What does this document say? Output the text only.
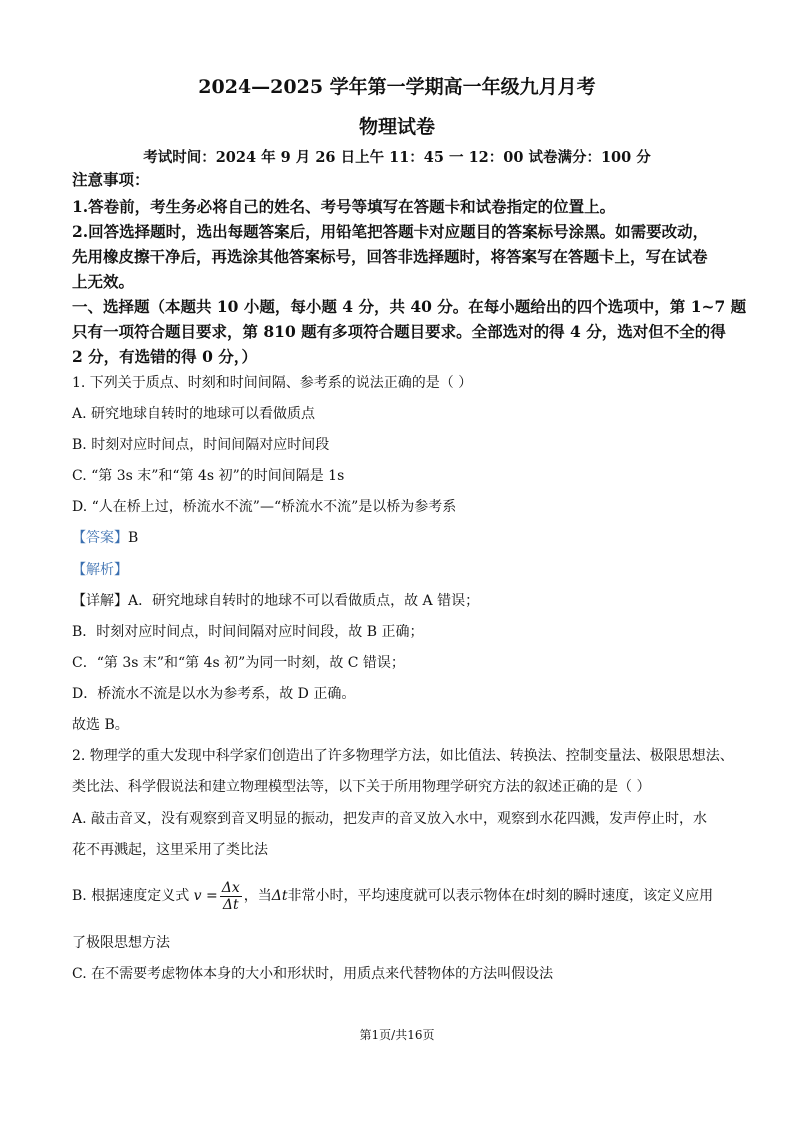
2024—2025 学年第一学期高一年级九月月考
物理试卷
考试时间：2024 年 9 月 26 日上午 11：45 一 12：00 试卷满分：100 分
注意事项：
1.答卷前，考生务必将自己的姓名、考号等填写在答题卡和试卷指定的位置上。
2.回答选择题时，选出每题答案后，用铅笔把答题卡对应题目的答案标号涂黑。如需要改动，
先用橡皮擦干净后，再选涂其他答案标号，回答非选择题时，将答案写在答题卡上，写在试卷
上无效。
一、选择题（本题共 10 小题，每小题 4 分，共 40 分。在每小题给出的四个选项中，第 1~7 题
只有一项符合题目要求，第 810 题有多项符合题目要求。全部选对的得 4 分，选对但不全的得
2 分，有选错的得 0 分，）
1. 下列关于质点、时刻和时间间隔、参考系的说法正确的是（ ）
A. 研究地球自转时的地球可以看做质点
B. 时刻对应时间点，时间间隔对应时间段
C. “第 3s 末”和“第 4s 初”的时间间隔是 1s
D. “人在桥上过，桥流水不流”—“桥流水不流”是以桥为参考系
【答案】B
【解析】
【详解】A．研究地球自转时的地球不可以看做质点，故 A 错误；
B．时刻对应时间点，时间间隔对应时间段，故 B 正确；
C．“第 3s 末”和“第 4s 初”为同一时刻，故 C 错误；
D．桥流水不流是以水为参考系，故 D 正确。
故选 B。
2. 物理学的重大发现中科学家们创造出了许多物理学方法，如比值法、转换法、控制变量法、极限思想法、
类比法、科学假说法和建立物理模型法等，以下关于所用物理学研究方法的叙述正确的是（ ）
A. 敲击音叉，没有观察到音叉明显的振动，把发声的音叉放入水中，观察到水花四溅，发声停止时，水
花不再溅起，这里采用了类比法
B. 根据速度定义式 $v = \frac{\Delta x}{\Delta t}$ ，当Δt非常小时，平均速度就可以表示物体在t时刻的瞬时速度，该定义应用
了极限思想方法
C. 在不需要考虑物体本身的大小和形状时，用质点来代替物体的方法叫假设法
第1页/共16页
